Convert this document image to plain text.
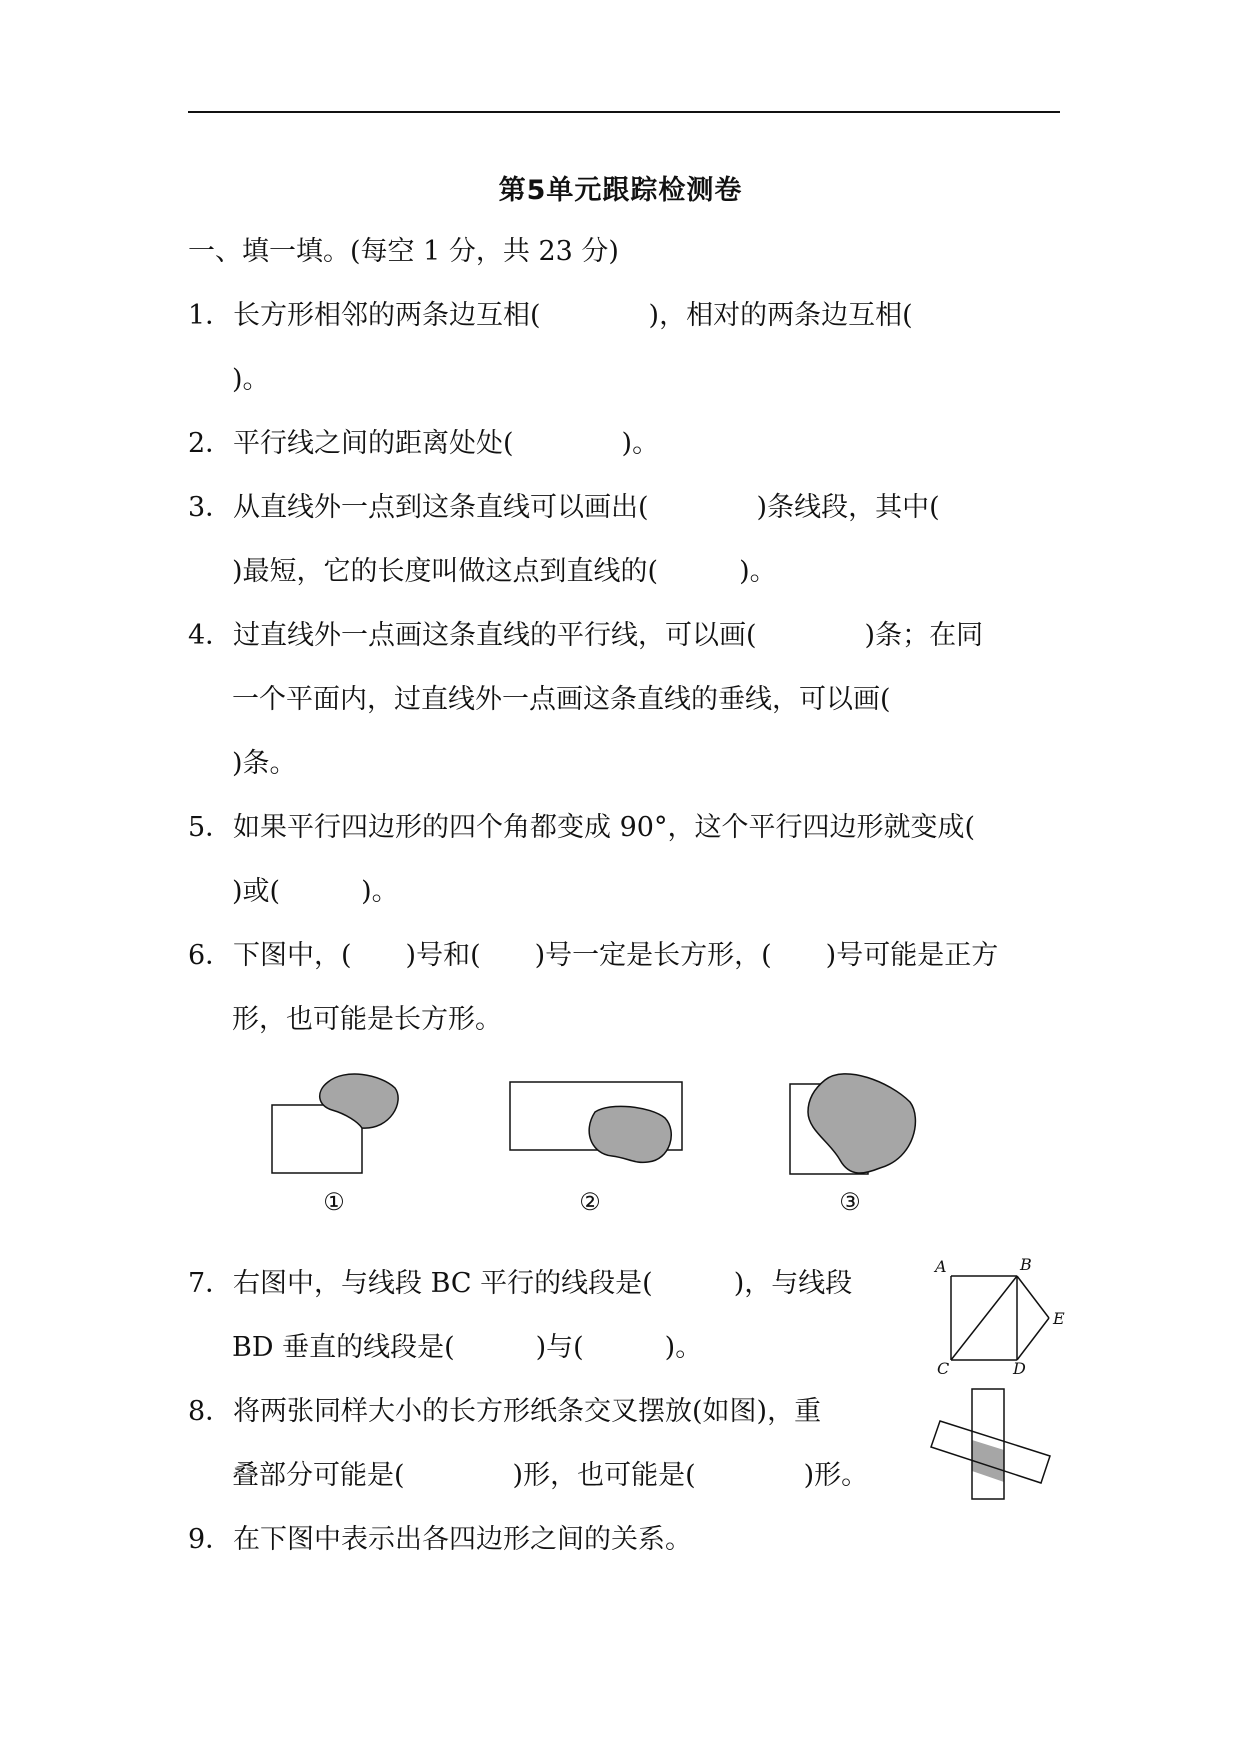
第5单元跟踪检测卷
一、填一填。(每空 1 分，共 23 分)
1．长方形相邻的两条边互相(　　　　)，相对的两条边互相(
)。
2．平行线之间的距离处处(　　　　)。
3．从直线外一点到这条直线可以画出(　　　　)条线段，其中(
)最短，它的长度叫做这点到直线的(　　　)。
4．过直线外一点画这条直线的平行线，可以画(　　　　)条；在同
一个平面内，过直线外一点画这条直线的垂线，可以画(
)条。
5．如果平行四边形的四个角都变成 90°，这个平行四边形就变成(
)或(　　　)。
6．下图中，(　　)号和(　　)号一定是长方形，(　　)号可能是正方
形，也可能是长方形。
①	②	③
7．右图中，与线段 BC 平行的线段是(　　　)，与线段
BD 垂直的线段是(　　　)与(　　　)。
A	B
E
C	D
8．将两张同样大小的长方形纸条交叉摆放(如图)，重
叠部分可能是(　　　　)形，也可能是(　　　　)形。
9．在下图中表示出各四边形之间的关系。
